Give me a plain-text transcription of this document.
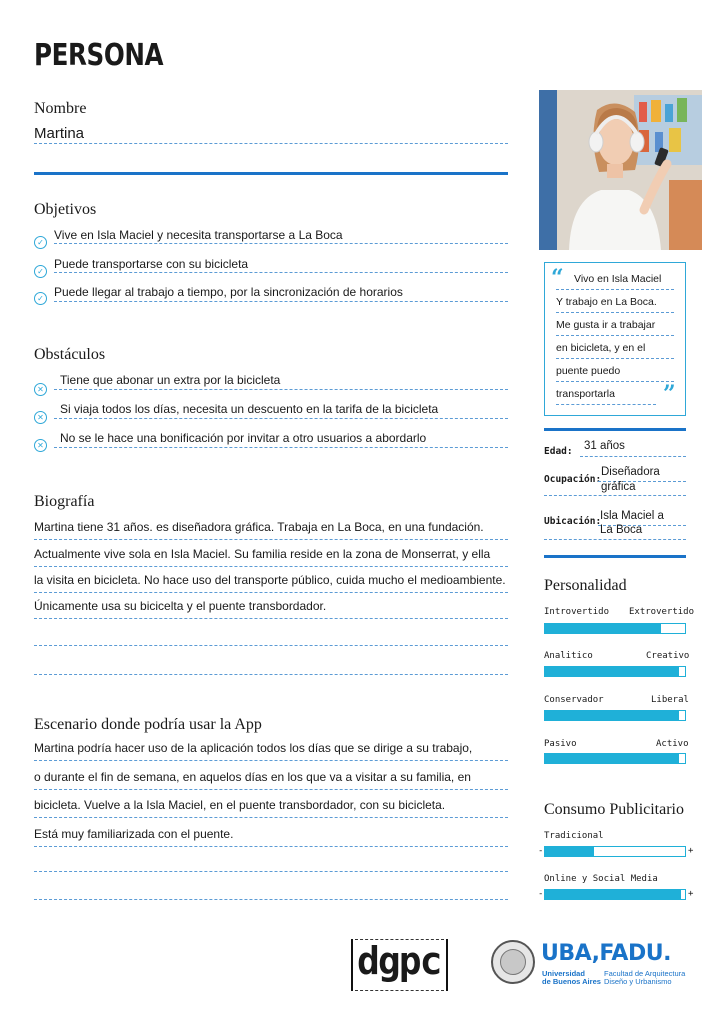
PERSONA
Nombre
Martina
Objetivos
✓ Vive en Isla Maciel y necesita transportarse a La Boca
✓ Puede transportarse con su bicicleta
✓ Puede llegar al trabajo a tiempo, por la sincronización de horarios
Obstáculos
✕
Tiene que abonar un extra por la bicicleta
✕
Si viaja todos los días, necesita un descuento en la tarifa de la bicicleta
✕ No se le hace una bonificación por invitar a otro usuarios a abordarlo
Biografía
Martina tiene 31 años. es diseñadora gráfica. Trabaja en La Boca, en una fundación.
Actualmente vive sola en Isla Maciel. Su familia reside en la zona de Monserrat, y ella
la visita en bicicleta. No hace uso del transporte público, cuida mucho el medioambiente.
Únicamente usa su bicicelta y el puente transbordador.
Escenario donde podría usar la App
Martina podría hacer uso de la aplicación todos los días que se dirige a su trabajo,
o durante el fin de semana, en aquelos días en los que va a visitar a su familia, en
bicicleta. Vuelve a la Isla Maciel, en el puente transbordador, con su bicicleta.
Está muy familiarizada con el puente.
“ Vivo en Isla Maciel
Y trabajo en La Boca.
Me gusta ir a trabajar
en bicicleta, y en el
puente puedo
transportarla ”
Edad: 31 años
Ocupación:
Diseñadora
gráfica
Ubicación:
Isla Maciel a
La Boca
Personalidad
Introvertido Extrovertido
Analitico	Creativo
Conservador	Liberal
Pasivo	Activo
Consumo Publicitario
Tradicional
-	+
Online y Social Media
-	+
dgpc	UBA,FADU.
Universidad
de Buenos Aires
Facultad de Arquitectura
Diseño y Urbanismo
